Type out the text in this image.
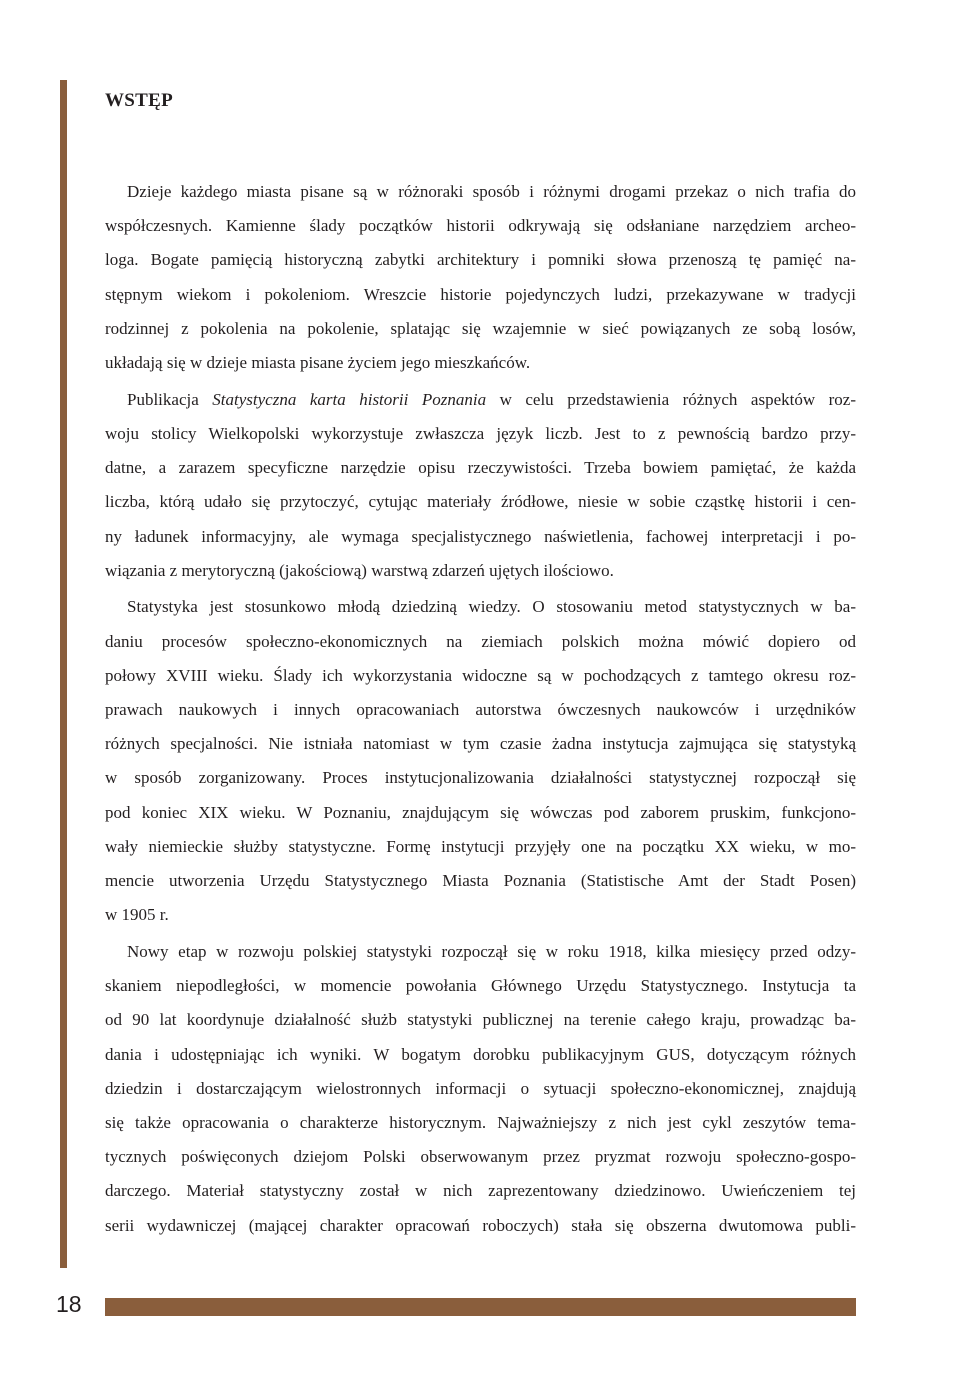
WSTĘP

Dzieje każdego miasta pisane są w różnoraki sposób i różnymi drogami przekaz o nich trafia do
współczesnych. Kamienne ślady początków historii odkrywają się odsłaniane narzędziem archeo-
loga. Bogate pamięcią historyczną zabytki architektury i pomniki słowa przenoszą tę pamięć na-
stępnym wiekom i pokoleniom. Wreszcie historie pojedynczych ludzi, przekazywane w tradycji
rodzinnej z pokolenia na pokolenie, splatając się wzajemnie w sieć powiązanych ze sobą losów,
układają się w dzieje miasta pisane życiem jego mieszkańców.

Publikacja Statystyczna karta historii Poznania w celu przedstawienia różnych aspektów roz-
woju stolicy Wielkopolski wykorzystuje zwłaszcza język liczb. Jest to z pewnością bardzo przy-
datne, a zarazem specyficzne narzędzie opisu rzeczywistości. Trzeba bowiem pamiętać, że każda
liczba, którą udało się przytoczyć, cytując materiały źródłowe, niesie w sobie cząstkę historii i cen-
ny ładunek informacyjny, ale wymaga specjalistycznego naświetlenia, fachowej interpretacji i po-
wiązania z merytoryczną (jakościową) warstwą zdarzeń ujętych ilościowo.

Statystyka jest stosunkowo młodą dziedziną wiedzy. O stosowaniu metod statystycznych w ba-
daniu procesów społeczno-ekonomicznych na ziemiach polskich można mówić dopiero od
połowy XVIII wieku. Ślady ich wykorzystania widoczne są w pochodzących z tamtego okresu roz-
prawach naukowych i innych opracowaniach autorstwa ówczesnych naukowców i urzędników
różnych specjalności. Nie istniała natomiast w tym czasie żadna instytucja zajmująca się statystyką
w sposób zorganizowany. Proces instytucjonalizowania działalności statystycznej rozpoczął się
pod koniec XIX wieku. W Poznaniu, znajdującym się wówczas pod zaborem pruskim, funkcjono-
wały niemieckie służby statystyczne. Formę instytucji przyjęły one na początku XX wieku, w mo-
mencie utworzenia Urzędu Statystycznego Miasta Poznania (Statistische Amt der Stadt Posen)
w 1905 r.

Nowy etap w rozwoju polskiej statystyki rozpoczął się w roku 1918, kilka miesięcy przed odzy-
skaniem niepodległości, w momencie powołania Głównego Urzędu Statystycznego. Instytucja ta
od 90 lat koordynuje działalność służb statystyki publicznej na terenie całego kraju, prowadząc ba-
dania i udostępniając ich wyniki. W bogatym dorobku publikacyjnym GUS, dotyczącym różnych
dziedzin i dostarczającym wielostronnych informacji o sytuacji społeczno-ekonomicznej, znajdują
się także opracowania o charakterze historycznym. Najważniejszy z nich jest cykl zeszytów tema-
tycznych poświęconych dziejom Polski obserwowanym przez pryzmat rozwoju społeczno-gospo-
darczego. Materiał statystyczny został w nich zaprezentowany dziedzinowo. Uwieńczeniem tej
serii wydawniczej (mającej charakter opracowań roboczych) stała się obszerna dwutomowa publi-

18
